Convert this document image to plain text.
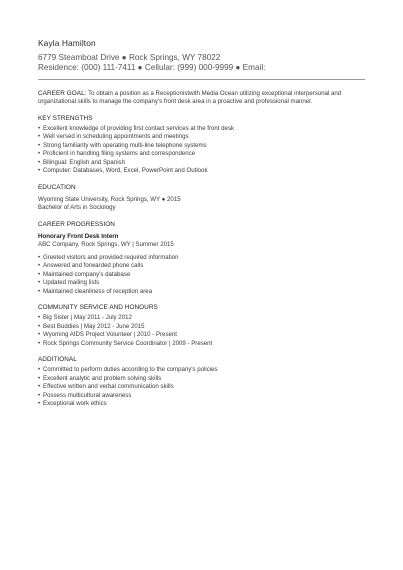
Kayla Hamilton
6779 Steamboat Drive ● Rock Springs, WY 78022
Residence: (000) 111-7411 ● Cellular: (999) 000-9999 ● Email:
CAREER GOAL: To obtain a position as a Receptionistwith Media Ocean utilizing exceptional interpersonal and organizational skills to manage the company's front desk area in a proactive and professional manner.
KEY STRENGTHS
• Excellent knowledge of providing first contact services at the front desk
• Well versed in scheduling appointments and meetings
• Strong familiarity with operating multi-line telephone systems
• Proficient in handling filing systems and correspondence
• Bilingual: English and Spanish
• Computer: Databases, Word, Excel, PowerPoint and Outlook
EDUCATION
Wyoming State University, Rock Springs, WY ● 2015
Bachelor of Arts in Sociology
CAREER PROGRESSION
Honorary Front Desk Intern
ABC Company, Rock Springs, WY | Summer 2015
• Greeted visitors and provided required information
• Answered and forwarded phone calls
• Maintained company's database
• Updated mailing lists
• Maintained cleanliness of reception area
COMMUNITY SERVICE AND HONOURS
• Big Sister | May 2011 - July 2012
• Best Buddies | May 2012 - June 2015
• Wyoming AIDS Project Volunteer | 2010 - Present
• Rock Springs Community Service Coordinator | 2009 - Present
ADDITIONAL
• Committed to perform duties according to the company's policies
• Excellent analytic and problem solving skills
• Effective written and verbal communication skills
• Possess multicultural awareness
• Exceptional work ethics
